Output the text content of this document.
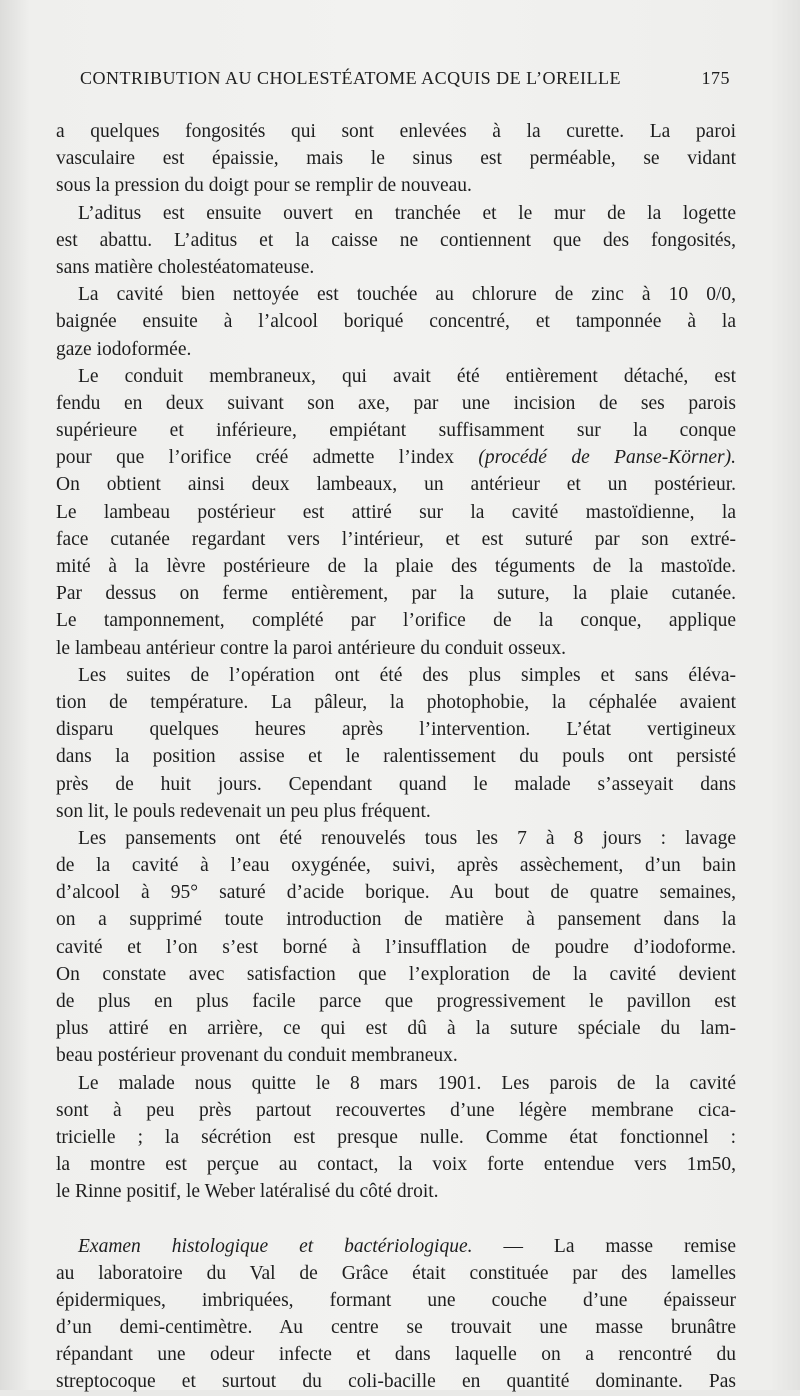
CONTRIBUTION AU CHOLESTÉATOME ACQUIS DE L’OREILLE	175
a quelques fongosités qui sont enlevées à la curette. La paroi
vasculaire est épaissie, mais le sinus est perméable, se vidant
sous la pression du doigt pour se remplir de nouveau.
L’aditus est ensuite ouvert en tranchée et le mur de la logette
est abattu. L’aditus et la caisse ne contiennent que des fongosités,
sans matière cholestéatomateuse.
La cavité bien nettoyée est touchée au chlorure de zinc à 10 0/0,
baignée ensuite à l’alcool boriqué concentré, et tamponnée à la
gaze iodoformée.
Le conduit membraneux, qui avait été entièrement détaché, est
fendu en deux suivant son axe, par une incision de ses parois
supérieure et inférieure, empiétant suffisamment sur la conque
pour que l’orifice créé admette l’index (procédé de Panse-Körner).
On obtient ainsi deux lambeaux, un antérieur et un postérieur.
Le lambeau postérieur est attiré sur la cavité mastoïdienne, la
face cutanée regardant vers l’intérieur, et est suturé par son extré-
mité à la lèvre postérieure de la plaie des téguments de la mastoïde.
Par dessus on ferme entièrement, par la suture, la plaie cutanée.
Le tamponnement, complété par l’orifice de la conque, applique
le lambeau antérieur contre la paroi antérieure du conduit osseux.
Les suites de l’opération ont été des plus simples et sans éléva-
tion de température. La pâleur, la photophobie, la céphalée avaient
disparu quelques heures après l’intervention. L’état vertigineux
dans la position assise et le ralentissement du pouls ont persisté
près de huit jours. Cependant quand le malade s’asseyait dans
son lit, le pouls redevenait un peu plus fréquent.
Les pansements ont été renouvelés tous les 7 à 8 jours : lavage
de la cavité à l’eau oxygénée, suivi, après assèchement, d’un bain
d’alcool à 95° saturé d’acide borique. Au bout de quatre semaines,
on a supprimé toute introduction de matière à pansement dans la
cavité et l’on s’est borné à l’insufflation de poudre d’iodoforme.
On constate avec satisfaction que l’exploration de la cavité devient
de plus en plus facile parce que progressivement le pavillon est
plus attiré en arrière, ce qui est dû à la suture spéciale du lam-
beau postérieur provenant du conduit membraneux.
Le malade nous quitte le 8 mars 1901. Les parois de la cavité
sont à peu près partout recouvertes d’une légère membrane cica-
tricielle ; la sécrétion est presque nulle. Comme état fonctionnel :
la montre est perçue au contact, la voix forte entendue vers 1m50,
le Rinne positif, le Weber latéralisé du côté droit.
Examen histologique et bactériologique. — La masse remise
au laboratoire du Val de Grâce était constituée par des lamelles
épidermiques, imbriquées, formant une couche d’une épaisseur
d’un demi-centimètre. Au centre se trouvait une masse brunâtre
répandant une odeur infecte et dans laquelle on a rencontré du
streptocoque et surtout du coli-bacille en quantité dominante. Pas
